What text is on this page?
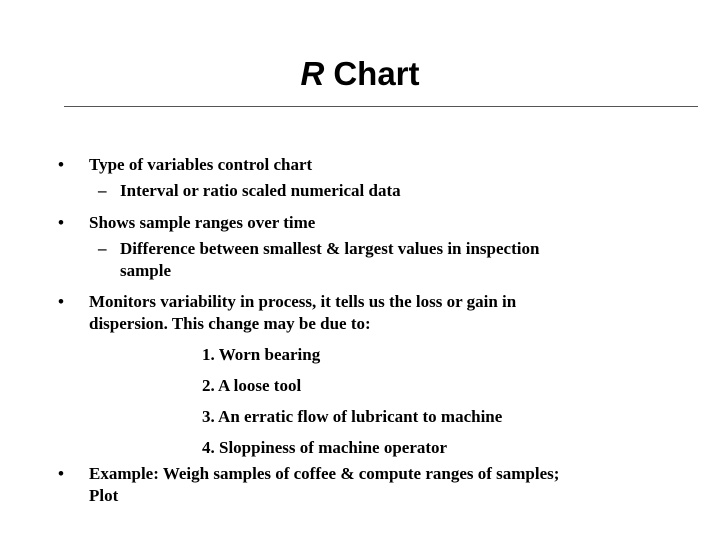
R Chart
• Type of variables control chart
– Interval or ratio scaled numerical data
• Shows sample ranges over time
– Difference between smallest & largest values in inspection
sample
• Monitors variability in process, it tells us the loss or gain in
dispersion. This change may be due to:
1. Worn bearing
2. A loose tool
3. An erratic flow of lubricant to machine
4. Sloppiness of machine operator
• Example: Weigh samples of coffee & compute ranges of samples;
Plot
